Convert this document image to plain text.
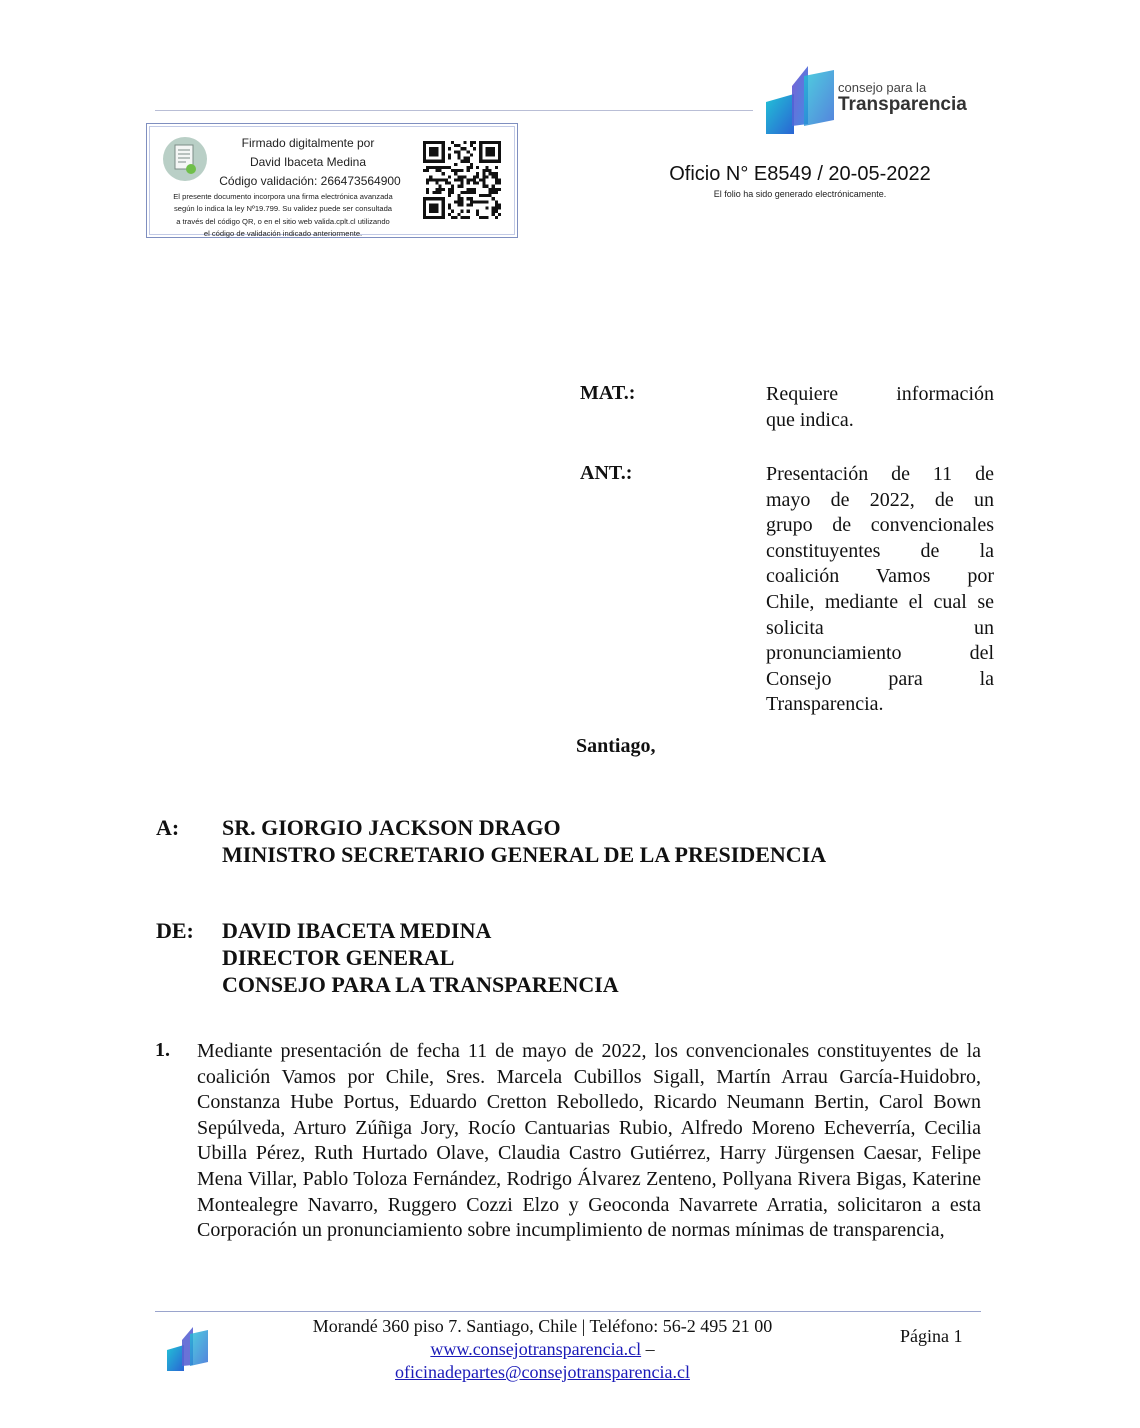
consejo para la
Transparencia
Firmado digitalmente por
David Ibaceta Medina
Código validación: 266473564900
El presente documento incorpora una firma electrónica avanzada
según lo indica la ley Nº19.799. Su validez puede ser consultada
a través del código QR, o en el sitio web valida.cplt.cl utilizando
el código de validación indicado anteriormente.
Oficio N° E8549 / 20-05-2022
El folio ha sido generado electrónicamente.
MAT.:	Requiere información
que indica.
ANT.:	Presentación de 11 de
mayo de 2022, de un
grupo de convencionales
constituyentes de la
coalición Vamos por
Chile, mediante el cual se
solicita un
pronunciamiento del
Consejo para la
Transparencia.
Santiago,
A: SR. GIORGIO JACKSON DRAGO
MINISTRO SECRETARIO GENERAL DE LA PRESIDENCIA
DE: DAVID IBACETA MEDINA
DIRECTOR GENERAL
CONSEJO PARA LA TRANSPARENCIA
1. Mediante presentación de fecha 11 de mayo de 2022, los convencionales constituyentes de la coalición Vamos por Chile, Sres. Marcela Cubillos Sigall, Martín Arrau García-Huidobro, Constanza Hube Portus, Eduardo Cretton Rebolledo, Ricardo Neumann Bertin, Carol Bown Sepúlveda, Arturo Zúñiga Jory, Rocío Cantuarias Rubio, Alfredo Moreno Echeverría, Cecilia Ubilla Pérez, Ruth Hurtado Olave, Claudia Castro Gutiérrez, Harry Jürgensen Caesar, Felipe Mena Villar, Pablo Toloza Fernández, Rodrigo Álvarez Zenteno, Pollyana Rivera Bigas, Katerine Montealegre Navarro, Ruggero Cozzi Elzo y Geoconda Navarrete Arratia, solicitaron a esta Corporación un pronunciamiento sobre incumplimiento de normas mínimas de transparencia,
Morandé 360 piso 7. Santiago, Chile | Teléfono: 56-2 495 21 00
www.consejotransparencia.cl –
oficinadepartes@consejotransparencia.cl
Página 1
